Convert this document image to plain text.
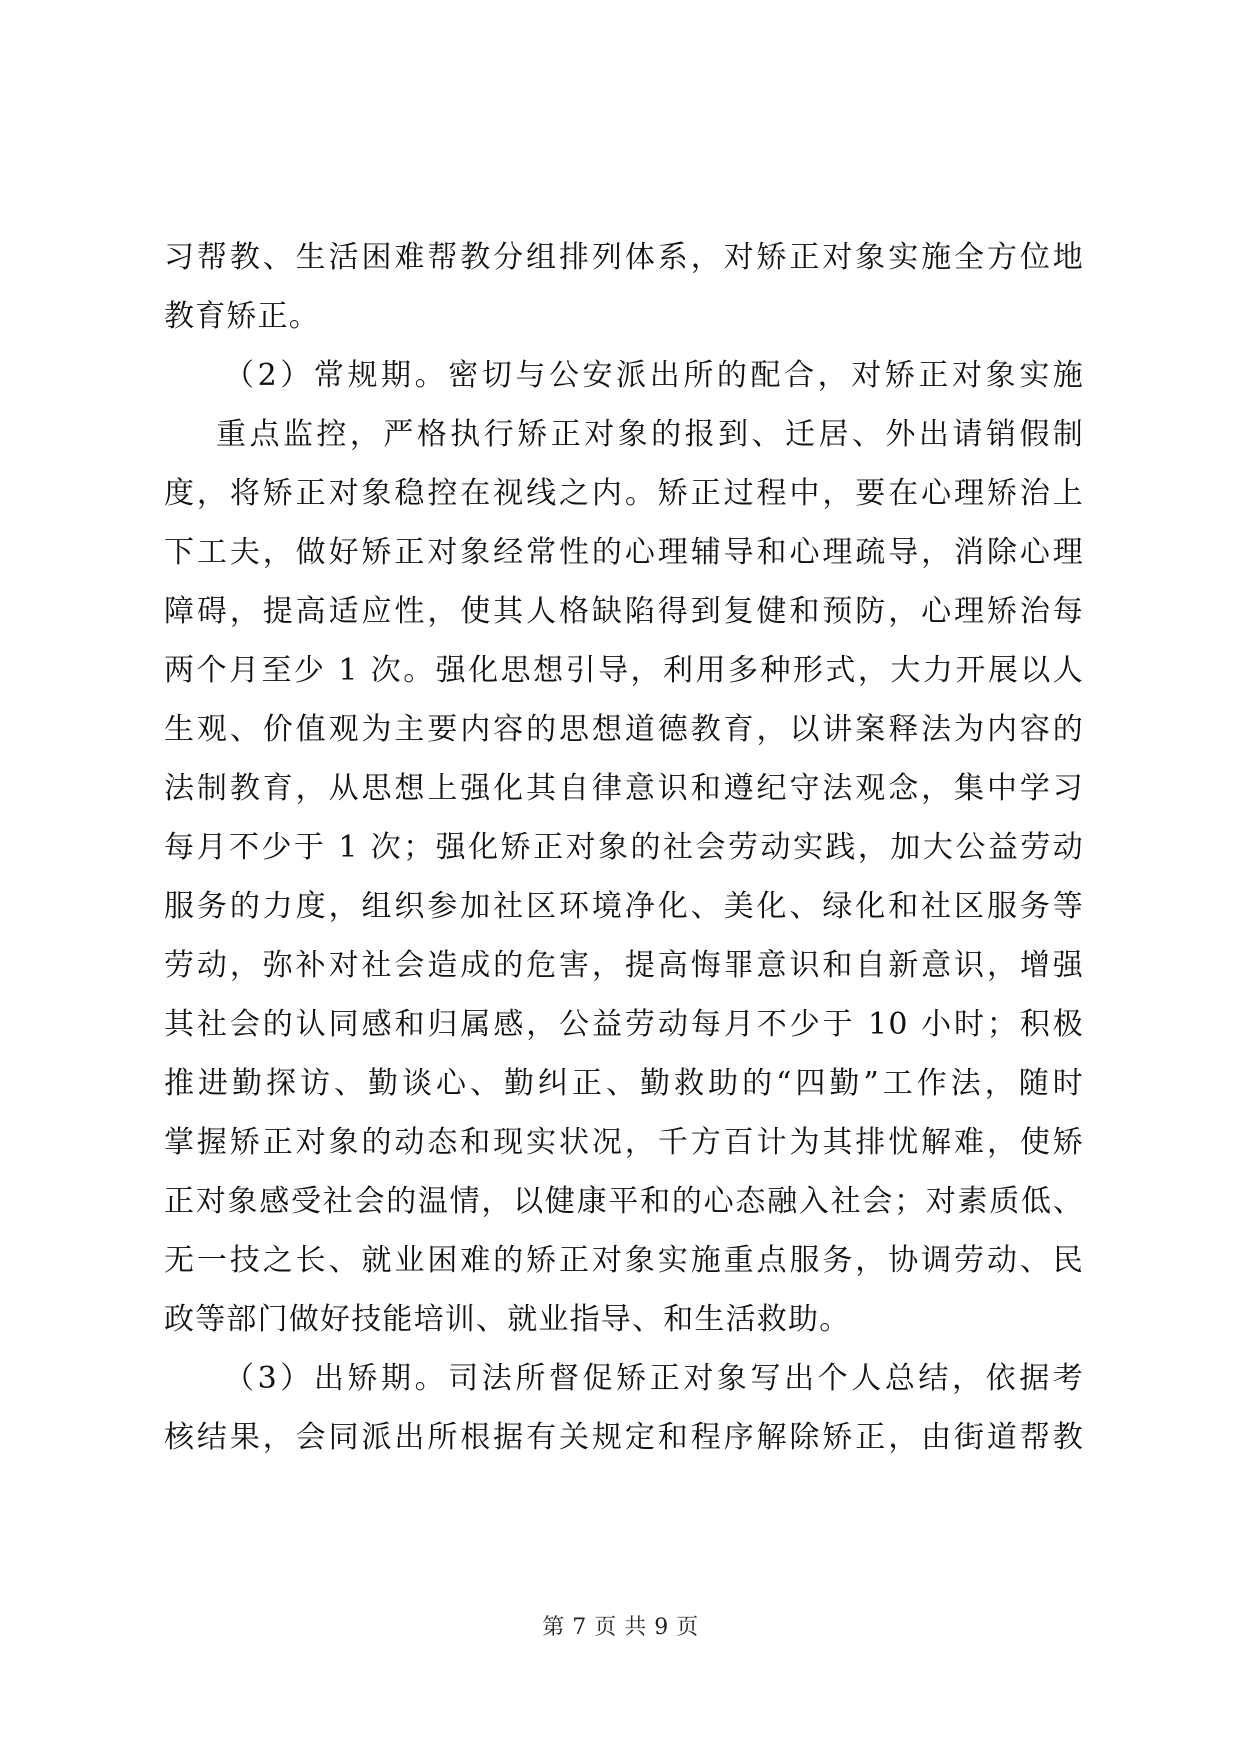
习帮教、生活困难帮教分组排列体系，对矫正对象实施全方位地
教育矫正。
（2）常规期。密切与公安派出所的配合，对矫正对象实施
重点监控，严格执行矫正对象的报到、迁居、外出请销假制
度，将矫正对象稳控在视线之内。矫正过程中，要在心理矫治上
下工夫，做好矫正对象经常性的心理辅导和心理疏导，消除心理
障碍，提高适应性，使其人格缺陷得到复健和预防，心理矫治每
两个月至少 1 次。强化思想引导，利用多种形式，大力开展以人
生观、价值观为主要内容的思想道德教育，以讲案释法为内容的
法制教育，从思想上强化其自律意识和遵纪守法观念，集中学习
每月不少于 1 次；强化矫正对象的社会劳动实践，加大公益劳动
服务的力度，组织参加社区环境净化、美化、绿化和社区服务等
劳动，弥补对社会造成的危害，提高悔罪意识和自新意识，增强
其社会的认同感和归属感，公益劳动每月不少于 10 小时；积极
推进勤探访、勤谈心、勤纠正、勤救助的“四勤”工作法，随时
掌握矫正对象的动态和现实状况，千方百计为其排忧解难，使矫
正对象感受社会的温情，以健康平和的心态融入社会；对素质低、
无一技之长、就业困难的矫正对象实施重点服务，协调劳动、民
政等部门做好技能培训、就业指导、和生活救助。
（3）出矫期。司法所督促矫正对象写出个人总结，依据考
核结果，会同派出所根据有关规定和程序解除矫正，由街道帮教
第 7 页 共 9 页
